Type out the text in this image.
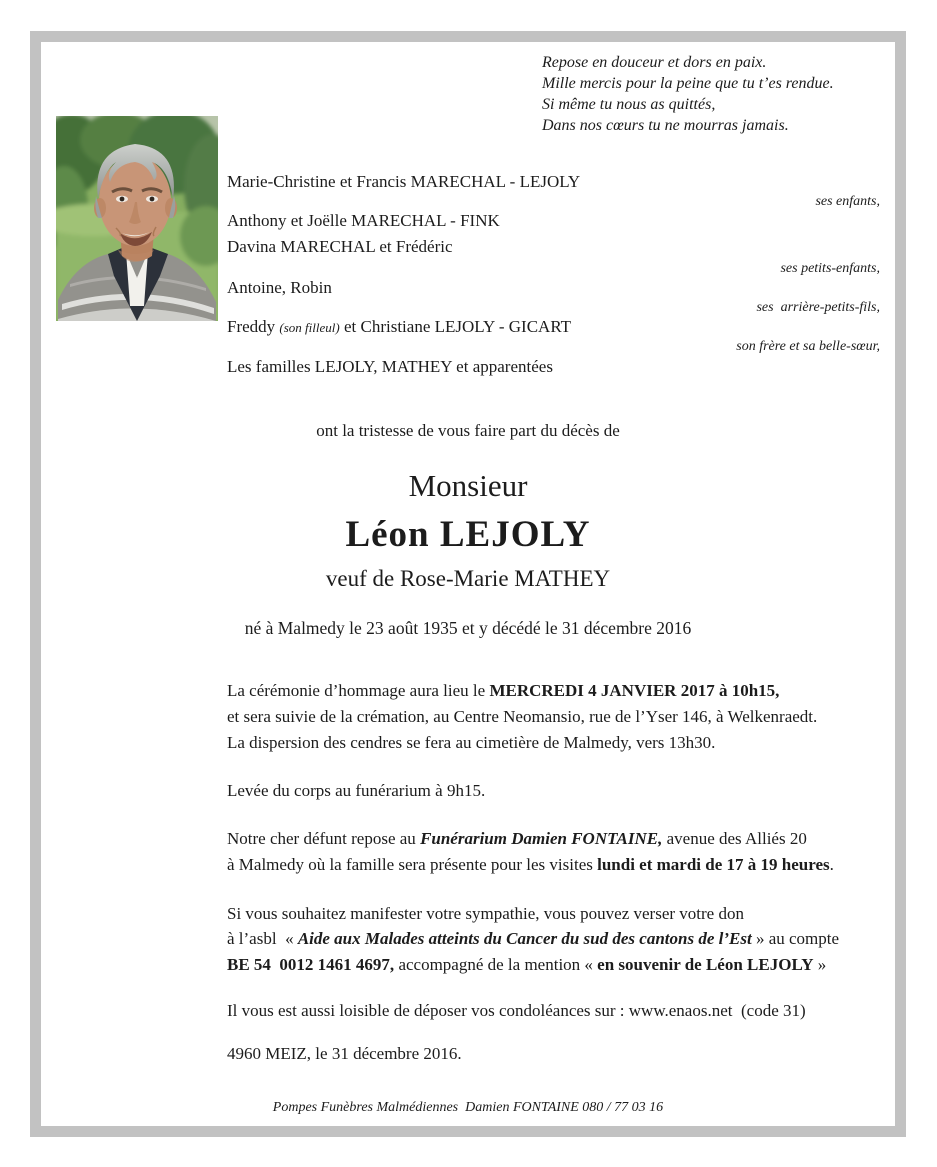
Repose en douceur et dors en paix.
Mille mercis pour la peine que tu t’es rendue.
Si même tu nous as quittés,
Dans nos cœurs tu ne mourras jamais.
Marie-Christine et Francis MARECHAL - LEJOLY
ses enfants,
Anthony et Joëlle MARECHAL - FINK
Davina MARECHAL et Frédéric
ses petits-enfants,
Antoine, Robin
ses  arrière-petits-fils,
Freddy (son filleul) et Christiane LEJOLY - GICART
son frère et sa belle-sœur,
Les familles LEJOLY, MATHEY et apparentées
ont la tristesse de vous faire part du décès de
Monsieur
Léon LEJOLY
veuf de Rose-Marie MATHEY
né à Malmedy le 23 août 1935 et y décédé le 31 décembre 2016
La cérémonie d’hommage aura lieu le MERCREDI 4 JANVIER 2017 à 10h15,
et sera suivie de la crémation, au Centre Neomansio, rue de l’Yser 146, à Welkenraedt.
La dispersion des cendres se fera au cimetière de Malmedy, vers 13h30.
Levée du corps au funérarium à 9h15.
Notre cher défunt repose au Funérarium Damien FONTAINE, avenue des Alliés 20
à Malmedy où la famille sera présente pour les visites lundi et mardi de 17 à 19 heures.
Si vous souhaitez manifester votre sympathie, vous pouvez verser votre don
à l’asbl  « Aide aux Malades atteints du Cancer du sud des cantons de l’Est » au compte
BE 54  0012 1461 4697, accompagné de la mention « en souvenir de Léon LEJOLY »
Il vous est aussi loisible de déposer vos condoléances sur : www.enaos.net  (code 31)
4960 MEIZ, le 31 décembre 2016.
Pompes Funèbres Malmédiennes  Damien FONTAINE 080 / 77 03 16
